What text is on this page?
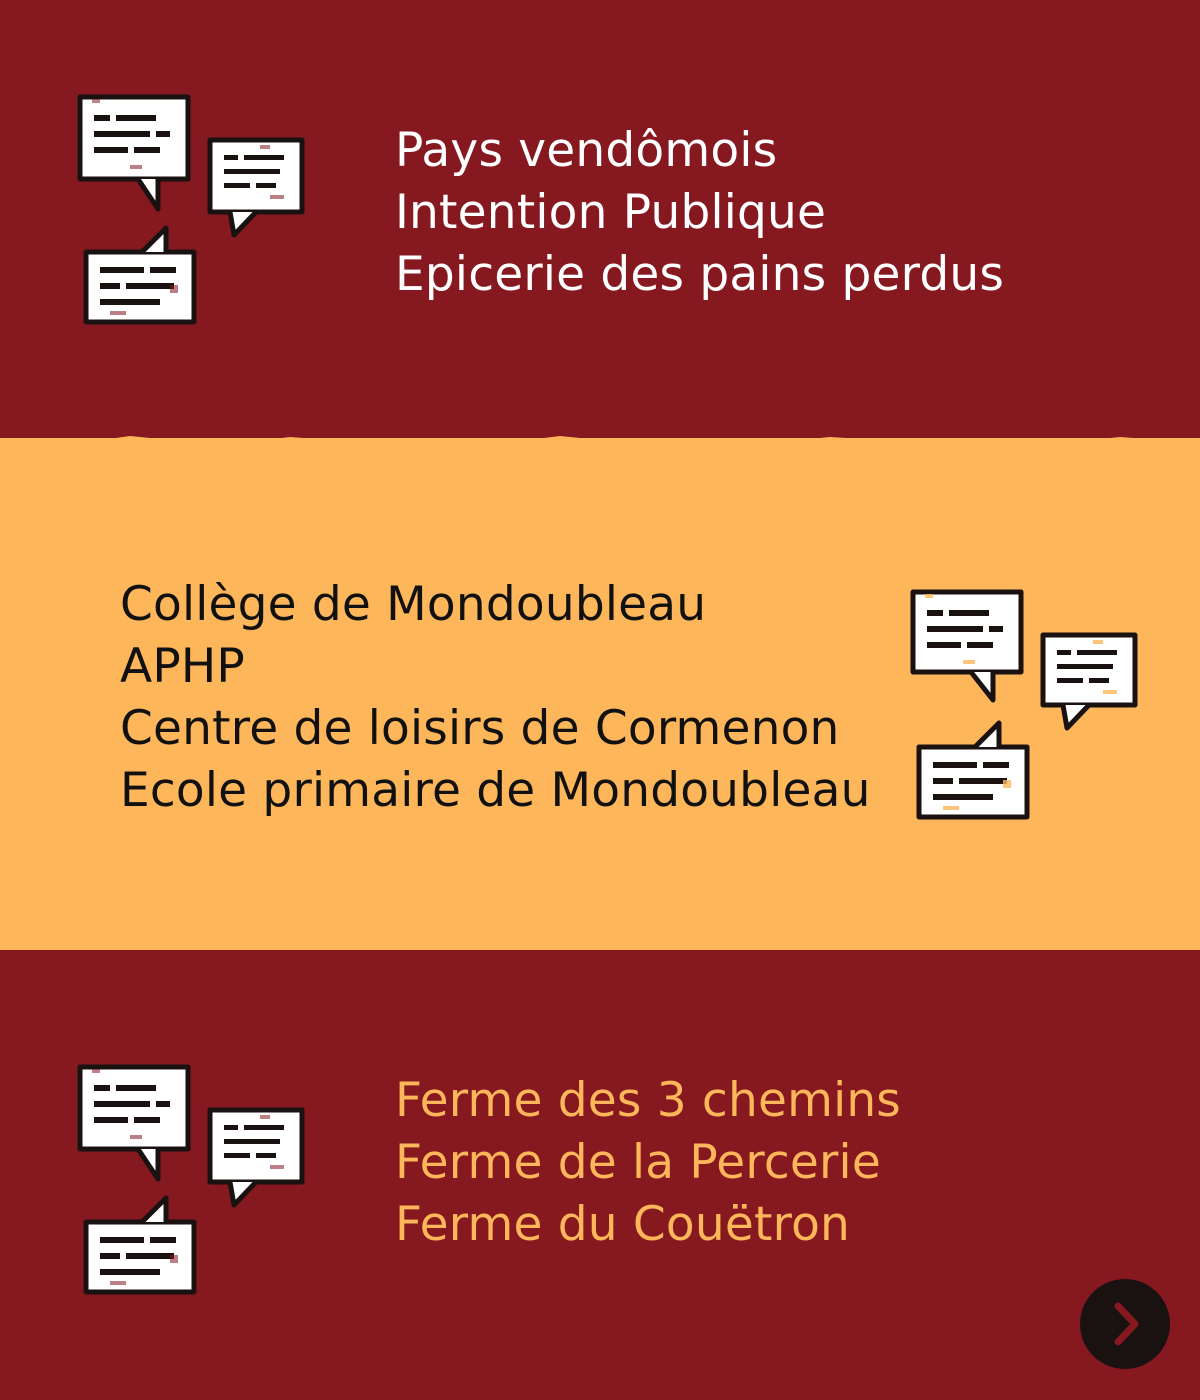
Pays vendômois
Intention Publique
Epicerie des pains perdus
Collège de Mondoubleau
APHP
Centre de loisirs de Cormenon
Ecole primaire de Mondoubleau
Ferme des 3 chemins
Ferme de la Percerie
Ferme du Couëtron
